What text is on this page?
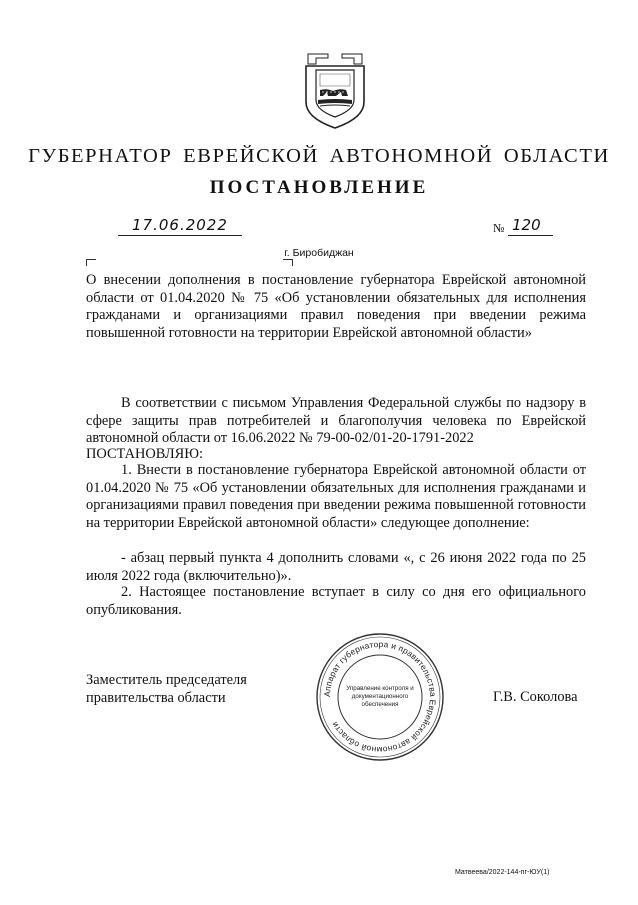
ГУБЕРНАТОР ЕВРЕЙСКОЙ АВТОНОМНОЙ ОБЛАСТИ
ПОСТАНОВЛЕНИЕ
17.06.2022	№ 120
г. Биробиджан
О внесении дополнения в постановление губернатора Еврейской автономной области от 01.04.2020 № 75 «Об установлении обязательных для исполнения гражданами и организациями правил поведения при введении режима повышенной готовности на территории Еврейской автономной области»
В соответствии с письмом Управления Федеральной службы по надзору в сфере защиты прав потребителей и благополучия человека по Еврейской автономной области от 16.06.2022 № 79-00-02/01-20-1791-2022
ПОСТАНОВЛЯЮ:
1. Внести в постановление губернатора Еврейской автономной области от 01.04.2020 № 75 «Об установлении обязательных для исполнения гражданами и организациями правил поведения при введении режима повышенной готовности на территории Еврейской автономной области» следующее дополнение:
- абзац первый пункта 4 дополнить словами «, с 26 июня 2022 года по 25 июля 2022 года (включительно)».
2. Настоящее постановление вступает в силу со дня его официального опубликования.
Заместитель председателя
правительства области	Г.В. Соколова
Аппарат губернатора и правительства Еврейской автономной области
Управление контроля и
документационного
обеспечения
Матвеева/2022-144-пг-ЮУ(1)
